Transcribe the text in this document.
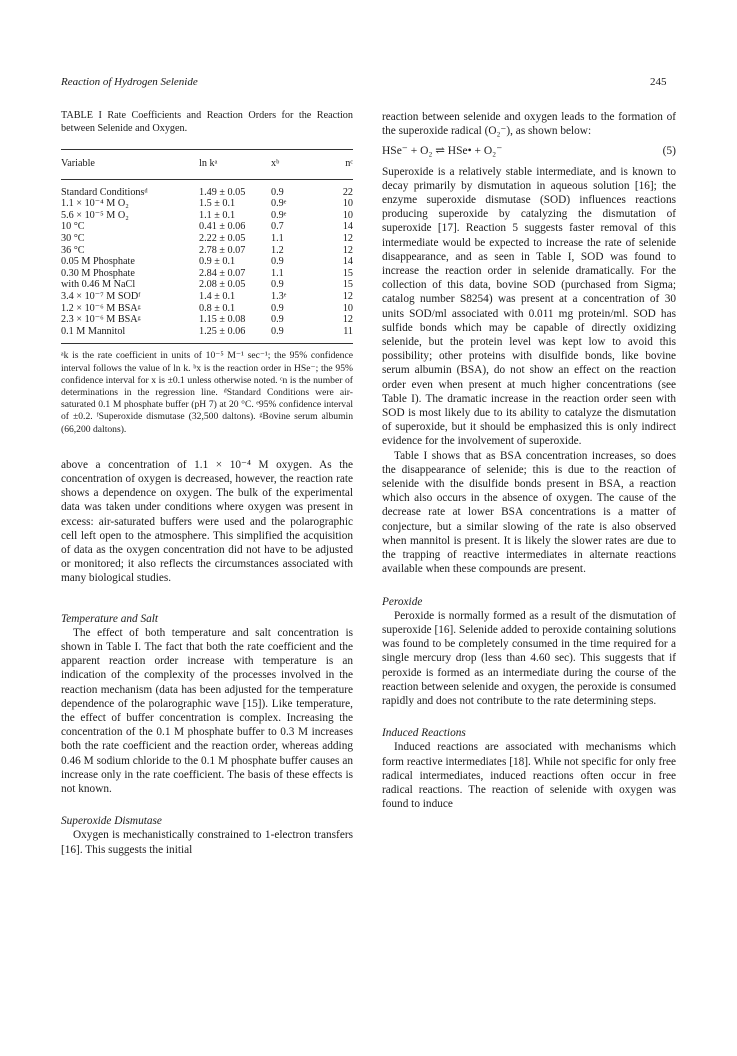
Reaction of Hydrogen Selenide	245
TABLE I Rate Coefficients and Reaction Orders for the Reaction between Selenide and Oxygen.
Variable	ln kᵃ	xᵇ	nᶜ
Standard Conditionsᵈ	1.49 ± 0.05	0.9	22
1.1 × 10⁻⁴ M O₂	1.5 ± 0.1	0.9ᵉ	10
5.6 × 10⁻⁵ M O₂	1.1 ± 0.1	0.9ᵉ	10
10 °C	0.41 ± 0.06	0.7	14
30 °C	2.22 ± 0.05	1.1	12
36 °C	2.78 ± 0.07	1.2	12
0.05 M Phosphate	0.9 ± 0.1	0.9	14
0.30 M Phosphate	2.84 ± 0.07	1.1	15
with 0.46 M NaCl	2.08 ± 0.05	0.9	15
3.4 × 10⁻⁷ M SODᶠ	1.4 ± 0.1	1.3ᵉ	12
1.2 × 10⁻⁶ M BSAᵍ	0.8 ± 0.1	0.9	10
2.3 × 10⁻⁶ M BSAᵍ	1.15 ± 0.08	0.9	12
0.1 M Mannitol	1.25 ± 0.06	0.9	11
ᵃk is the rate coefficient in units of 10⁻⁵ M⁻¹ sec⁻¹; the 95% confidence interval follows the value of ln k. ᵇx is the reaction order in HSe⁻; the 95% confidence interval for x is ±0.1 unless otherwise noted. ᶜn is the number of determinations in the regression line. ᵈStandard Conditions were air-saturated 0.1 M phosphate buffer (pH 7) at 20 °C. ᵉ95% confidence interval of ±0.2. ᶠSuperoxide dismutase (32,500 daltons). ᵍBovine serum albumin (66,200 daltons).

above a concentration of 1.1 × 10⁻⁴ M oxygen. As the concentration of oxygen is decreased, however, the reaction rate shows a dependence on oxygen. The bulk of the experimental data was taken under conditions where oxygen was present in excess: air-saturated buffers were used and the polarographic cell left open to the atmosphere. This simplified the acquisition of data as the oxygen concentration did not have to be adjusted or monitored; it also reflects the circumstances associated with many biological studies.

Temperature and Salt

The effect of both temperature and salt concentration is shown in Table I. The fact that both the rate coefficient and the apparent reaction order increase with temperature is an indication of the complexity of the processes involved in the reaction mechanism (data has been adjusted for the temperature dependence of the polarographic wave [15]). Like temperature, the effect of buffer concentration is complex. Increasing the concentration of the 0.1 M phosphate buffer to 0.3 M increases both the rate coefficient and the reaction order, whereas adding 0.46 M sodium chloride to the 0.1 M phosphate buffer causes an increase only in the rate coefficient. The basis of these effects is not known.

Superoxide Dismutase

Oxygen is mechanistically constrained to 1-electron transfers [16]. This suggests the initial

reaction between selenide and oxygen leads to the formation of the superoxide radical (O₂⁻), as shown below:

HSe⁻ + O₂ ⇌ HSe• + O₂⁻	(5)

Superoxide is a relatively stable intermediate, and is known to decay primarily by dismutation in aqueous solution [16]; the enzyme superoxide dismutase (SOD) influences reactions producing superoxide by catalyzing the dismutation of superoxide [17]. Reaction 5 suggests faster removal of this intermediate would be expected to increase the rate of selenide disappearance, and as seen in Table I, SOD was found to increase the reaction order in selenide dramatically. For the collection of this data, bovine SOD (purchased from Sigma; catalog number S8254) was present at a concentration of 30 units SOD/ml associated with 0.011 mg protein/ml. SOD has sulfide bonds which may be capable of directly oxidizing selenide, but the protein level was kept low to avoid this possibility; other proteins with disulfide bonds, like bovine serum albumin (BSA), do not show an effect on the reaction order even when present at much higher concentrations (see Table I). The dramatic increase in the reaction order seen with SOD is most likely due to its ability to catalyze the dismutation of superoxide, but it should be emphasized this is only indirect evidence for the involvement of superoxide.

Table I shows that as BSA concentration increases, so does the disappearance of selenide; this is due to the reaction of selenide with the disulfide bonds present in BSA, a reaction which also occurs in the absence of oxygen. The cause of the decrease rate at lower BSA concentrations is a matter of conjecture, but a similar slowing of the rate is also observed when mannitol is present. It is likely the slower rates are due to the trapping of reactive intermediates in alternate reactions available when these compounds are present.

Peroxide

Peroxide is normally formed as a result of the dismutation of superoxide [16]. Selenide added to peroxide containing solutions was found to be completely consumed in the time required for a single mercury drop (less than 4.60 sec). This suggests that if peroxide is formed as an intermediate during the course of the reaction between selenide and oxygen, the peroxide is consumed rapidly and does not contribute to the rate determining steps.

Induced Reactions

Induced reactions are associated with mechanisms which form reactive intermediates [18]. While not specific for only free radical intermediates, induced reactions often occur in free radical reactions. The reaction of selenide with oxygen was found to induce
